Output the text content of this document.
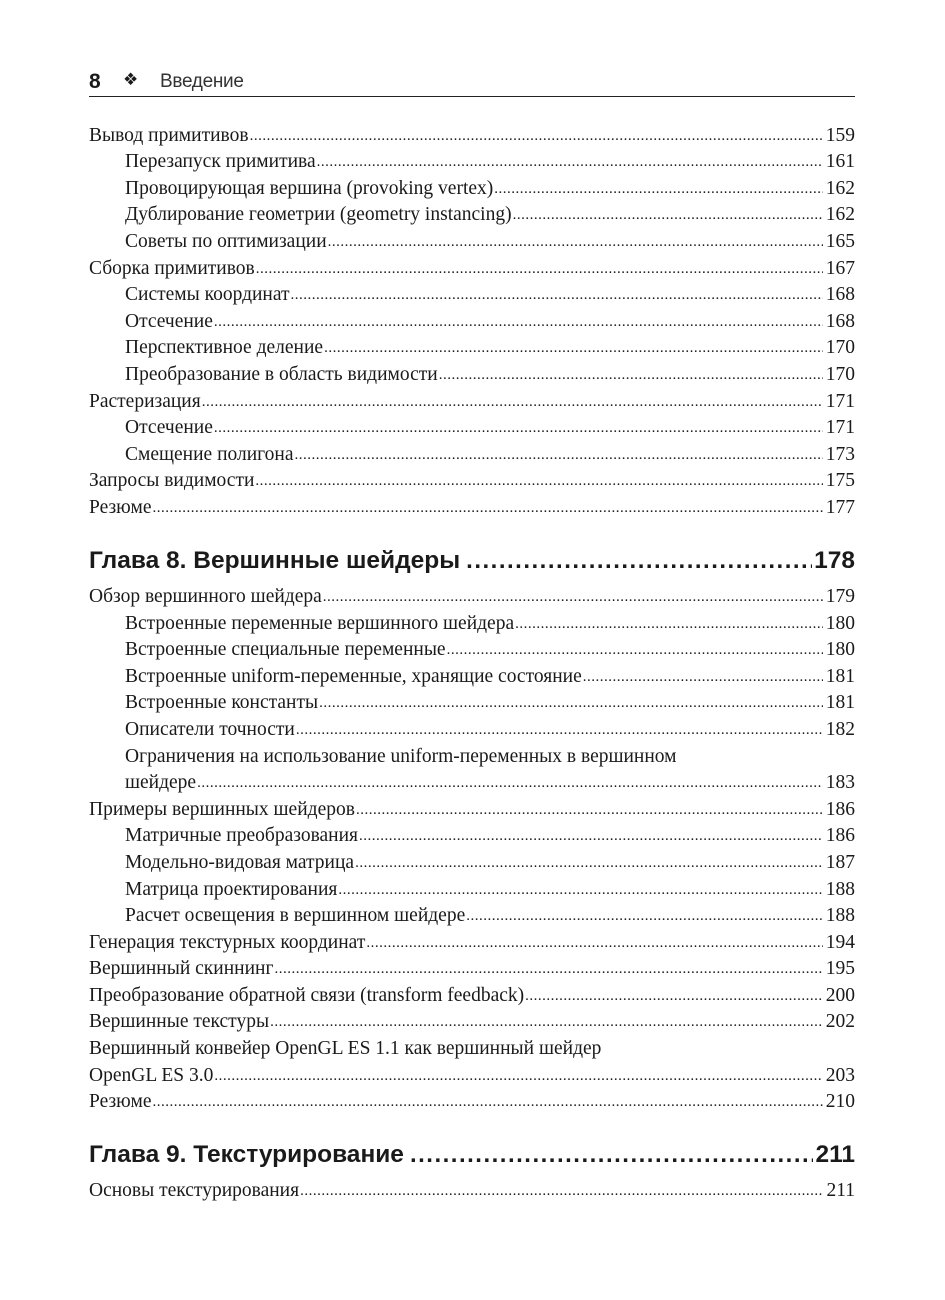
8 ❖ Введение
Вывод примитивов .....	159
Перезапуск примитива .....	161
Провоцирующая вершина (provoking vertex) .....	162
Дублирование геометрии (geometry instancing) .....	162
Советы по оптимизации .....	165
Сборка примитивов .....	167
Системы координат .....	168
Отсечение .....	168
Перспективное деление .....	170
Преобразование в область видимости .....	170
Растеризация .....	171
Отсечение .....	171
Смещение полигона .....	173
Запросы видимости .....	175
Резюме .....	177
Глава 8. Вершинные шейдеры .....	178
Обзор вершинного шейдера .....	179
Встроенные переменные вершинного шейдера .....	180
Встроенные специальные переменные .....	180
Встроенные uniform-переменные, хранящие состояние .....	181
Встроенные константы .....	181
Описатели точности .....	182
Ограничения на использование uniform-переменных в вершинном
шейдере .....	183
Примеры вершинных шейдеров .....	186
Матричные преобразования .....	186
Модельно-видовая матрица .....	187
Матрица проектирования .....	188
Расчет освещения в вершинном шейдере .....	188
Генерация текстурных координат .....	194
Вершинный скиннинг .....	195
Преобразование обратной связи (transform feedback) .....	200
Вершинные текстуры .....	202
Вершинный конвейер OpenGL ES 1.1 как вершинный шейдер
OpenGL ES 3.0 .....	203
Резюме .....	210
Глава 9. Текстурирование .....	211
Основы текстурирования .....	211
